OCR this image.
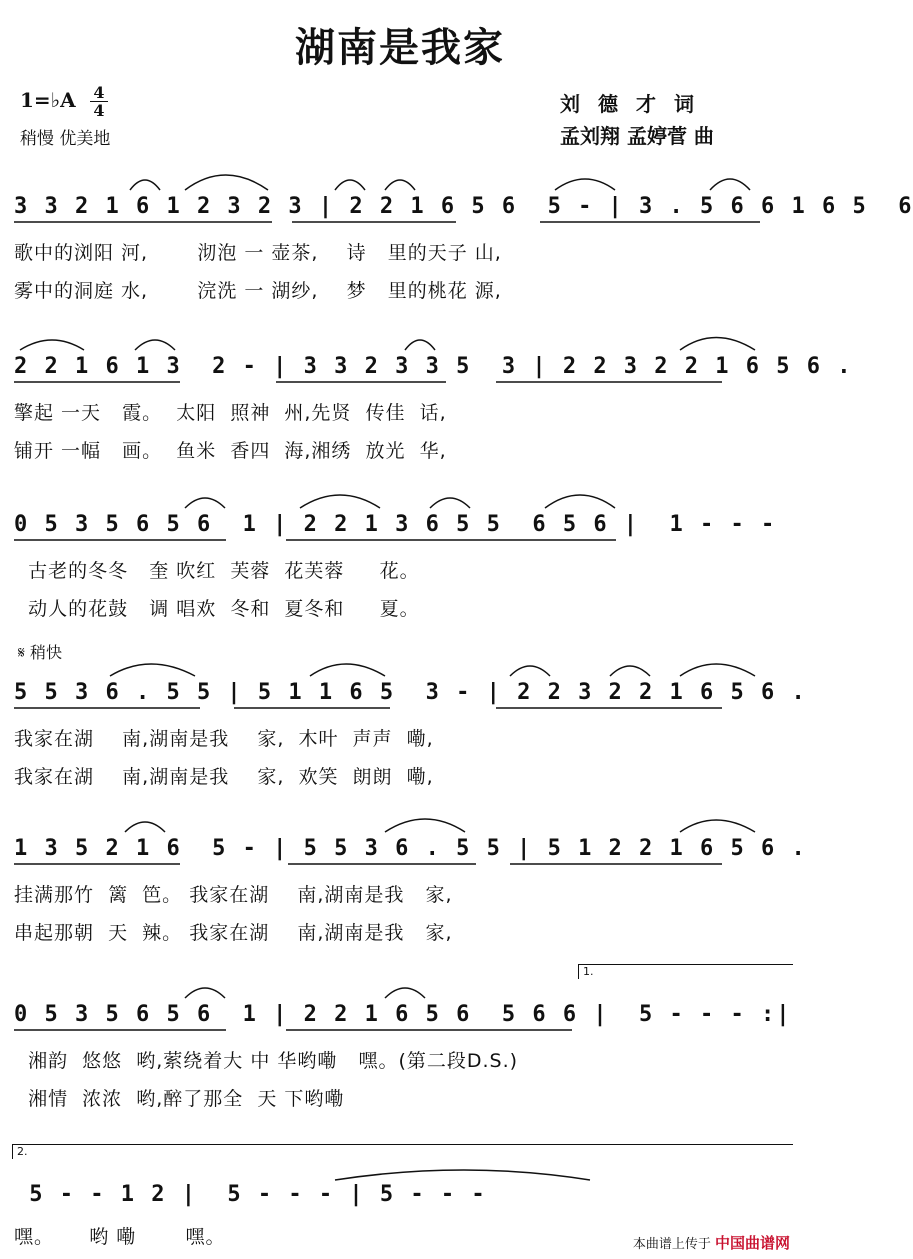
湖南是我家
1=♭A	4
4
稍慢 优美地
刘德才词
孟刘翔 孟婷菅 曲
𝄋 稍快
3 3 2 1 6 1 2 3 2 3 | 2 2 1 6 5 6  5 - | 3 . 5 6 6 1 6 5  6
歌中的浏阳 河,       沏泡 一 壶茶,    诗   里的天子 山,
雾中的洞庭 水,       浣洗 一 湖纱,    梦   里的桃花 源,
2 2 1 6 1 3  2 - | 3 3 2 3 3 5  3 | 2 2 3 2 2 1 6 5 6 .
擎起 一天   霞。  太阳  照神  州,先贤  传佳  话,
铺开 一幅   画。  鱼米  香四  海,湘绣  放光  华,
0 5 3 5 6 5 6  1 | 2 2 1 3 6 5 5  6 5 6 |  1 - - -
古老的冬冬   奎 吹红  芙蓉  花芙蓉     花。
动人的花鼓   调 唱欢  冬和  夏冬和     夏。
5 5 3 6 . 5 5 | 5 1 1 6 5  3 - | 2 2 3 2 2 1 6 5 6 .
我家在湖    南,湖南是我    家,  木叶  声声  嘞,
我家在湖    南,湖南是我    家,  欢笑  朗朗  嘞,
1 3 5 2 1 6  5 - | 5 5 3 6 . 5 5 | 5 1 2 2 1 6 5 6 .
挂满那竹  篱  笆。 我家在湖    南,湖南是我   家,
串起那朝  天  辣。 我家在湖    南,湖南是我   家,
0 5 3 5 6 5 6  1 | 2 2 1 6 5 6  5 6 6 |  5 - - - :|
湘韵  悠悠  哟,萦绕着大 中 华哟嘞   嘿。(第二段D.S.)
湘情  浓浓  哟,醉了那全  天 下哟嘞
5 - - 1 2 |  5 - - - | 5 - - -
嘿。     哟 嘞       嘿。
1.
2.
本曲谱上传于 中国曲谱网
